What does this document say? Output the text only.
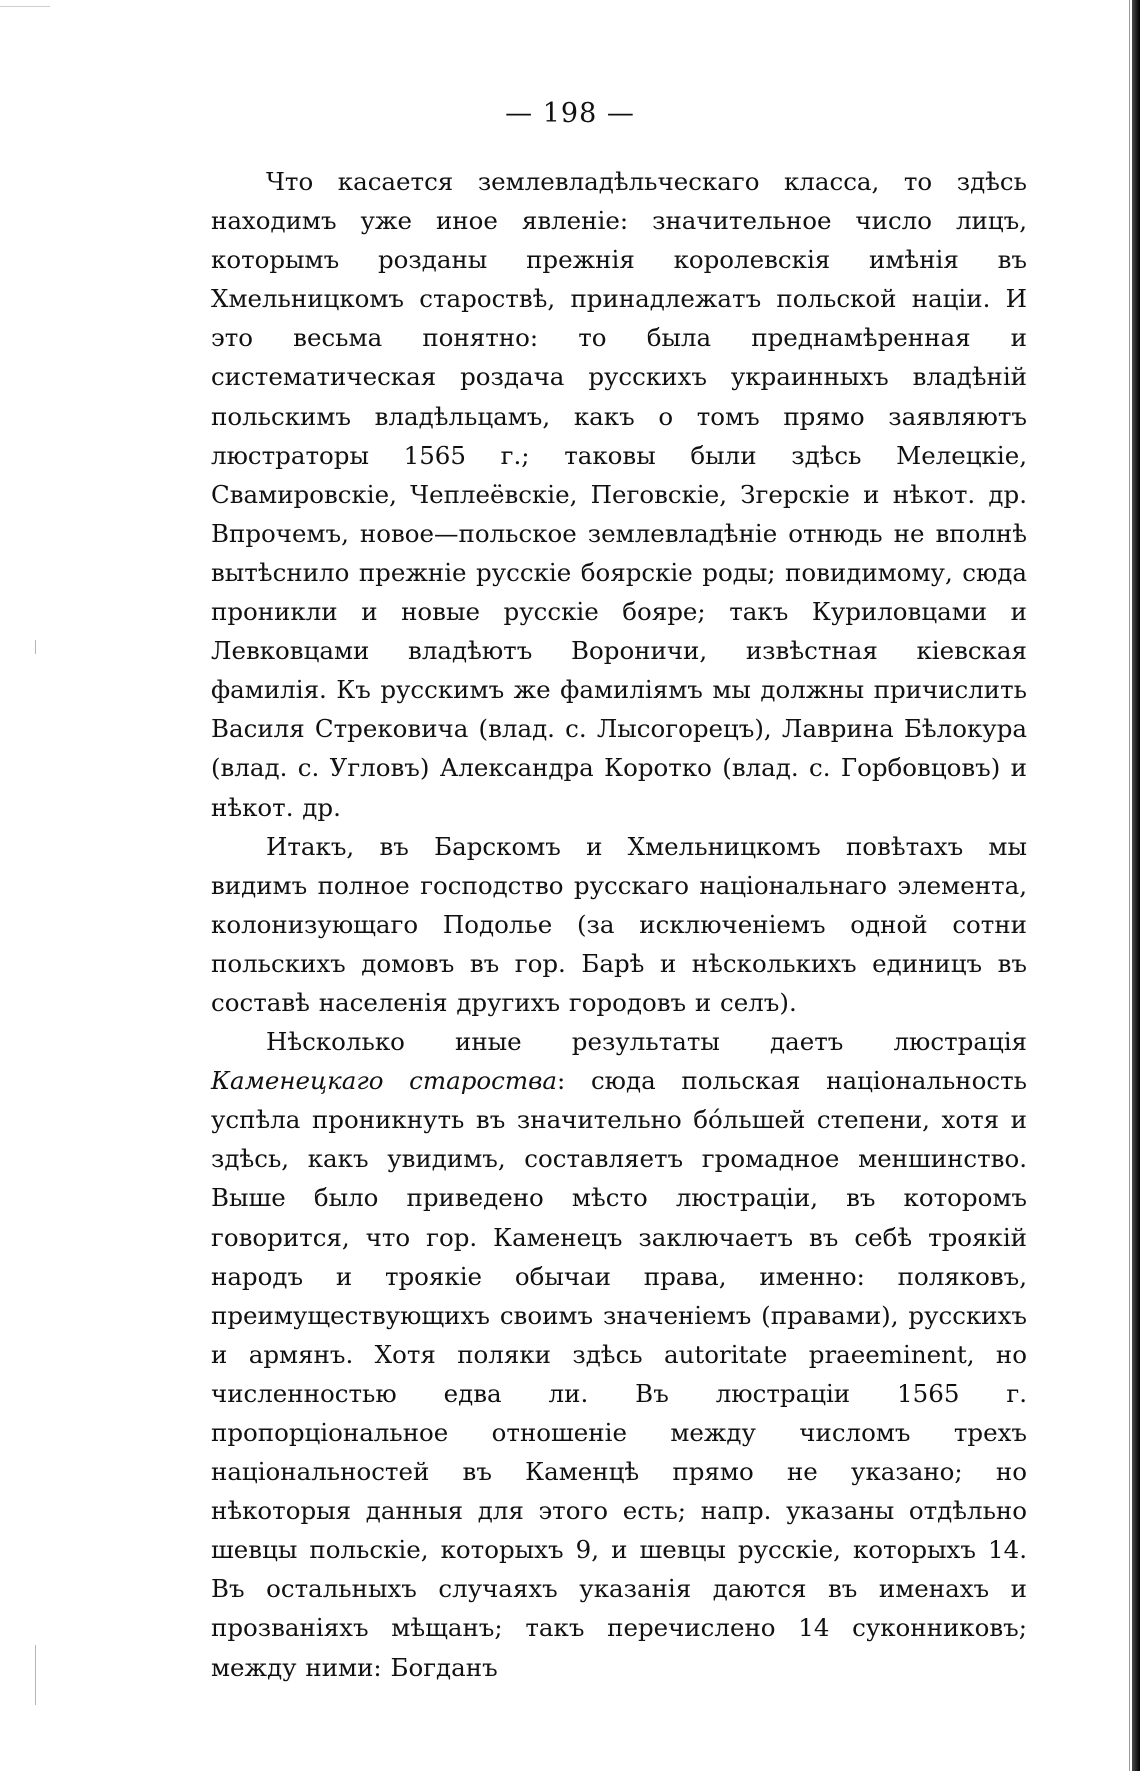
— 198 —

Что касается землевладѣльческаго класса, то здѣсь находимъ уже иное явленіе: значительное число лицъ, которымъ розданы прежнія королевскія имѣнія въ Хмельницкомъ староствѣ, принадлежатъ польской націи. И это весьма понятно: то была преднамѣренная и систематическая роздача русскихъ украинныхъ владѣній польскимъ владѣльцамъ, какъ о томъ прямо заявляютъ люстраторы 1565 г.; таковы были здѣсь Мелецкіе, Свамировскіе, Чеплеёвскіе, Пеговскіе, Згерскіе и нѣкот. др. Впрочемъ, новое—польское землевладѣніе отнюдь не вполнѣ вытѣснило прежніе русскіе боярскіе роды; повидимому, сюда проникли и новые русскіе бояре; такъ Куриловцами и Левковцами владѣютъ Вороничи, извѣстная кіевская фамилія. Къ русскимъ же фамиліямъ мы должны причислить Василя Стрековича (влад. с. Лысогорецъ), Лаврина Бѣлокура (влад. с. Угловъ) Александра Коротко (влад. с. Горбовцовъ) и нѣкот. др.

Итакъ, въ Барскомъ и Хмельницкомъ повѣтахъ мы видимъ полное господство русскаго національнаго элемента, колонизующаго Подолье (за исключеніемъ одной сотни польскихъ домовъ въ гор. Барѣ и нѣсколькихъ единицъ въ составѣ населенія другихъ городовъ и селъ).

Нѣсколько иные результаты даетъ люстрація Каменецкаго староства: сюда польская національность успѣла проникнуть въ значительно бóльшей степени, хотя и здѣсь, какъ увидимъ, составляетъ громадное меншинство. Выше было приведено мѣсто люстраціи, въ которомъ говорится, что гор. Каменецъ заключаетъ въ себѣ троякій народъ и троякіе обычаи права, именно: поляковъ, преимуществующихъ своимъ значеніемъ (правами), русскихъ и армянъ. Хотя поляки здѣсь autoritate praeeminent, но численностью едва ли. Въ люстраціи 1565 г. пропорціональное отношеніе между числомъ трехъ національностей въ Каменцѣ прямо не указано; но нѣкоторыя данныя для этого есть; напр. указаны отдѣльно шевцы польскіе, которыхъ 9, и шевцы русскіе, которыхъ 14. Въ остальныхъ случаяхъ указанія даются въ именахъ и прозваніяхъ мѣщанъ; такъ перечислено 14 суконниковъ; между ними: Богданъ
